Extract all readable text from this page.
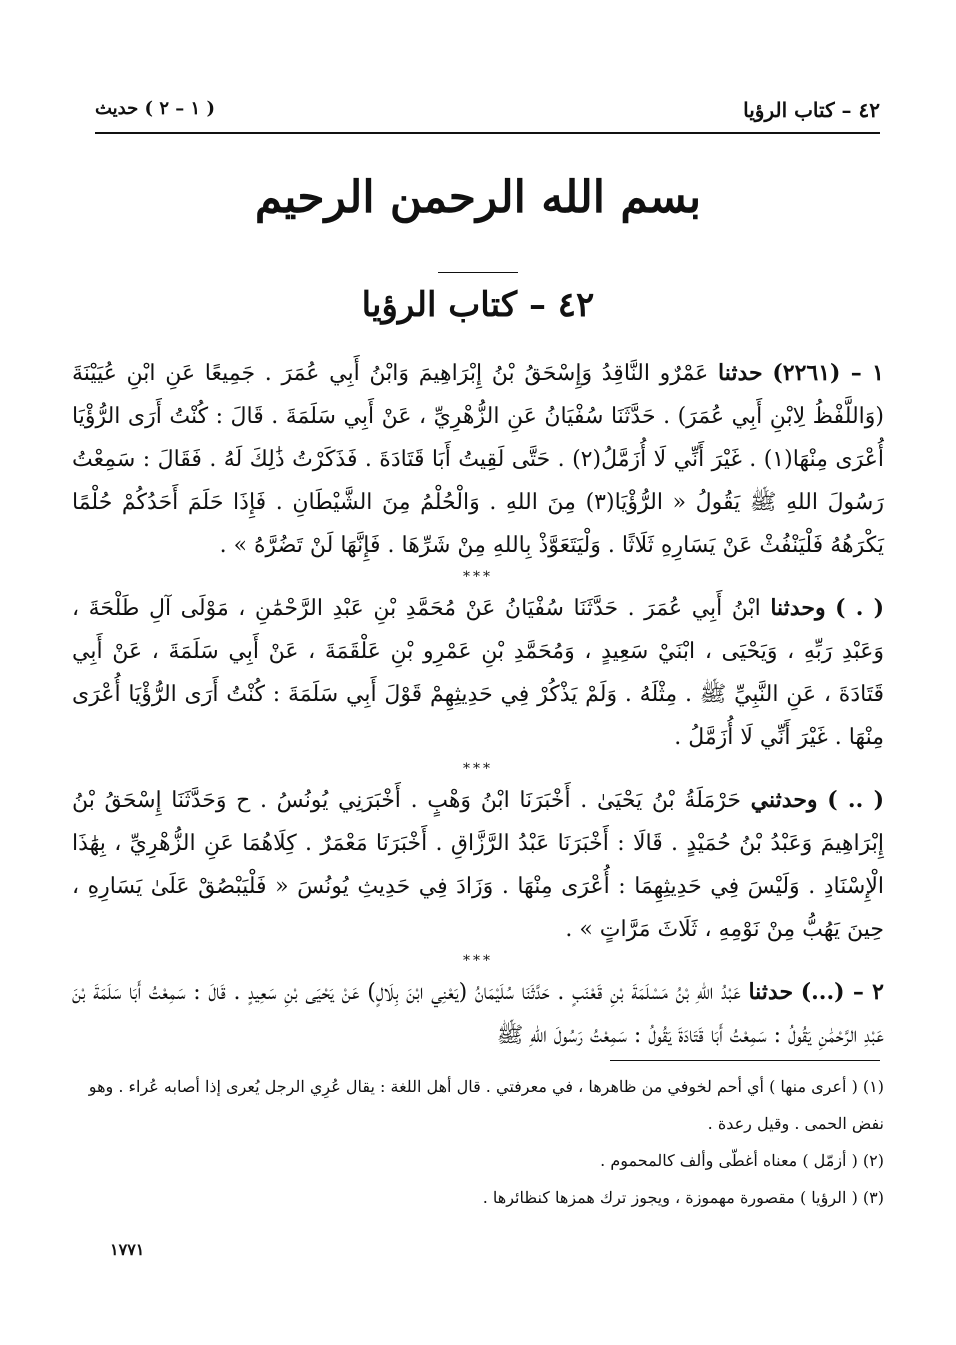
٤٢ – كتاب الرؤيا
( ١ – ٢ ) حديث
بسم الله الرحمن الرحيم
٤٢ – كتاب الرؤيا

١ – (٢٢٦١) حدثنا عَمْرٌو النَّاقِدُ وَإِسْحَقُ بْنُ إِبْرَاهِيمَ وَابْنُ أَبِي عُمَرَ . جَمِيعًا عَنِ ابْنِ عُيَيْنَةَ (وَاللَّفْظُ لِابْنِ أَبِي عُمَرَ) . حَدَّثَنَا سُفْيَانُ عَنِ الزُّهْرِيِّ ، عَنْ أَبِي سَلَمَةَ . قَالَ : كُنْتُ أَرَى الرُّؤْيَا أُعْرَى مِنْهَا(١) . غَيْرَ أَنِّي لَا أُزَمَّلُ(٢) . حَتَّى لَقِيتُ أَبَا قَتَادَةَ . فَذَكَرْتُ ذَٰلِكَ لَهُ . فَقَالَ : سَمِعْتُ رَسُولَ اللهِ ﷺ يَقُولُ « الرُّؤْيَا(٣) مِنَ اللهِ . وَالْحُلْمُ مِنَ الشَّيْطَانِ . فَإِذَا حَلَمَ أَحَدُكُمْ حُلْمًا يَكْرَهُهُ فَلْيَنْفُثْ عَنْ يَسَارِهِ ثَلَاثًا . وَلْيَتَعَوَّذْ بِاللهِ مِنْ شَرِّهَا . فَإِنَّهَا لَنْ تَضُرَّهُ » .

***

( . ) وحدثنا ابْنُ أَبِي عُمَرَ . حَدَّثَنَا سُفْيَانُ عَنْ مُحَمَّدِ بْنِ عَبْدِ الرَّحْمَٰنِ ، مَوْلَى آلِ طَلْحَةَ ، وَعَبْدِ رَبِّهِ ، وَيَحْيَى ، ابْنَيْ سَعِيدٍ ، وَمُحَمَّدِ بْنِ عَمْرِو بْنِ عَلْقَمَةَ ، عَنْ أَبِي سَلَمَةَ ، عَنْ أَبِي قَتَادَةَ ، عَنِ النَّبِيِّ ﷺ . مِثْلَهُ . وَلَمْ يَذْكُرْ فِي حَدِيثِهِمْ قَوْلَ أَبِي سَلَمَةَ : كُنْتُ أَرَى الرُّؤْيَا أُعْرَى مِنْهَا . غَيْرَ أَنِّي لَا أُزَمَّلُ .

***

( .. ) وحدثني حَرْمَلَةُ بْنُ يَحْيَىٰ . أَخْبَرَنَا ابْنُ وَهْبٍ . أَخْبَرَنِي يُونُسُ . ح وَحَدَّثَنَا إِسْحَقُ بْنُ إِبْرَاهِيمَ وَعَبْدُ بْنُ حُمَيْدٍ . قَالَا : أَخْبَرَنَا عَبْدُ الرَّزَّاقِ . أَخْبَرَنَا مَعْمَرٌ . كِلَاهُمَا عَنِ الزُّهْرِيِّ ، بِهَٰذَا الْإِسْنَادِ . وَلَيْسَ فِي حَدِيثِهِمَا : أُعْرَى مِنْهَا . وَزَادَ فِي حَدِيثِ يُونُسَ « فَلْيَبْصُقْ عَلَىٰ يَسَارِهِ ، حِينَ يَهُبُّ مِنْ نَوْمِهِ ، ثَلَاثَ مَرَّاتٍ » .

***

٢ – (...) حدثنا عَبْدُ اللهِ بْنُ مَسْلَمَةَ بْنِ قَعْنَبٍ . حَدَّثَنَا سُلَيْمَانُ (يَعْنِي ابْنَ بِلَالٍ) عَنْ يَحْيَى بْنِ سَعِيدٍ . قَالَ : سَمِعْتُ أَبَا سَلَمَةَ بْنَ عَبْدِ الرَّحْمَٰنِ يَقُولُ : سَمِعْتُ أَبَا قَتَادَةَ يَقُولُ : سَمِعْتُ رَسُولَ اللهِ ﷺ

(١) ( أعرى منها ) أي أحم لخوفي من ظاهرها ، في معرفتي . قال أهل اللغة : يقال عُرِي الرجل يُعرى إذا أصابه عُراء . وهو نفض الحمى . وقيل رعدة .

(٢) ( أزمّل ) معناه أغطّى وألف كالمحموم .

(٣) ( الرؤيا ) مقصورة مهموزة ، ويجوز ترك همزها كنظائرها .

١٧٧١
